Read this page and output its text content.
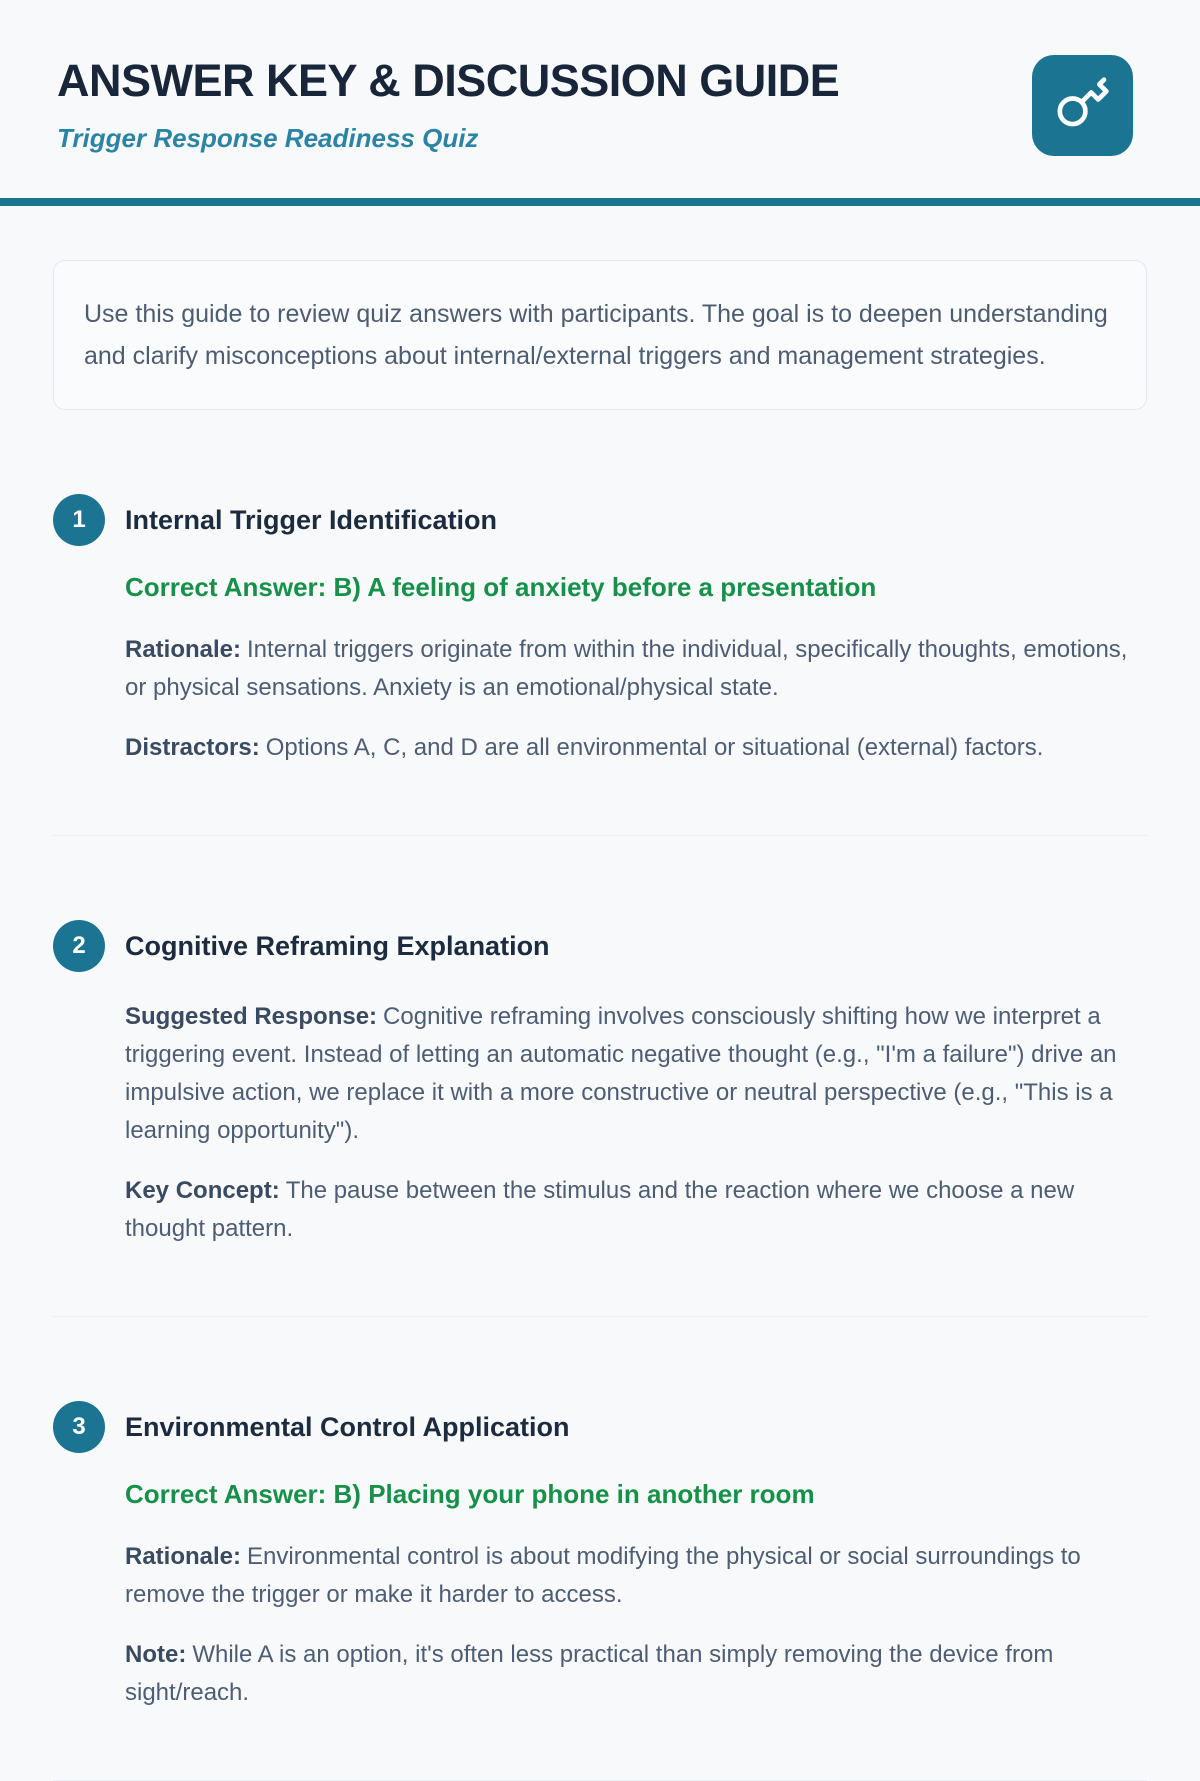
ANSWER KEY & DISCUSSION GUIDE
Trigger Response Readiness Quiz
Use this guide to review quiz answers with participants. The goal is to deepen understanding and clarify misconceptions about internal/external triggers and management strategies.
1	Internal Trigger Identification
Correct Answer: B) A feeling of anxiety before a presentation

Rationale: Internal triggers originate from within the individual, specifically thoughts, emotions, or physical sensations. Anxiety is an emotional/physical state.

Distractors: Options A, C, and D are all environmental or situational (external) factors.

2	Cognitive Reframing Explanation

Suggested Response: Cognitive reframing involves consciously shifting how we interpret a triggering event. Instead of letting an automatic negative thought (e.g., "I'm a failure") drive an impulsive action, we replace it with a more constructive or neutral perspective (e.g., "This is a learning opportunity").

Key Concept: The pause between the stimulus and the reaction where we choose a new thought pattern.

3	Environmental Control Application
Correct Answer: B) Placing your phone in another room

Rationale: Environmental control is about modifying the physical or social surroundings to remove the trigger or make it harder to access.

Note: While A is an option, it's often less practical than simply removing the device from sight/reach.
